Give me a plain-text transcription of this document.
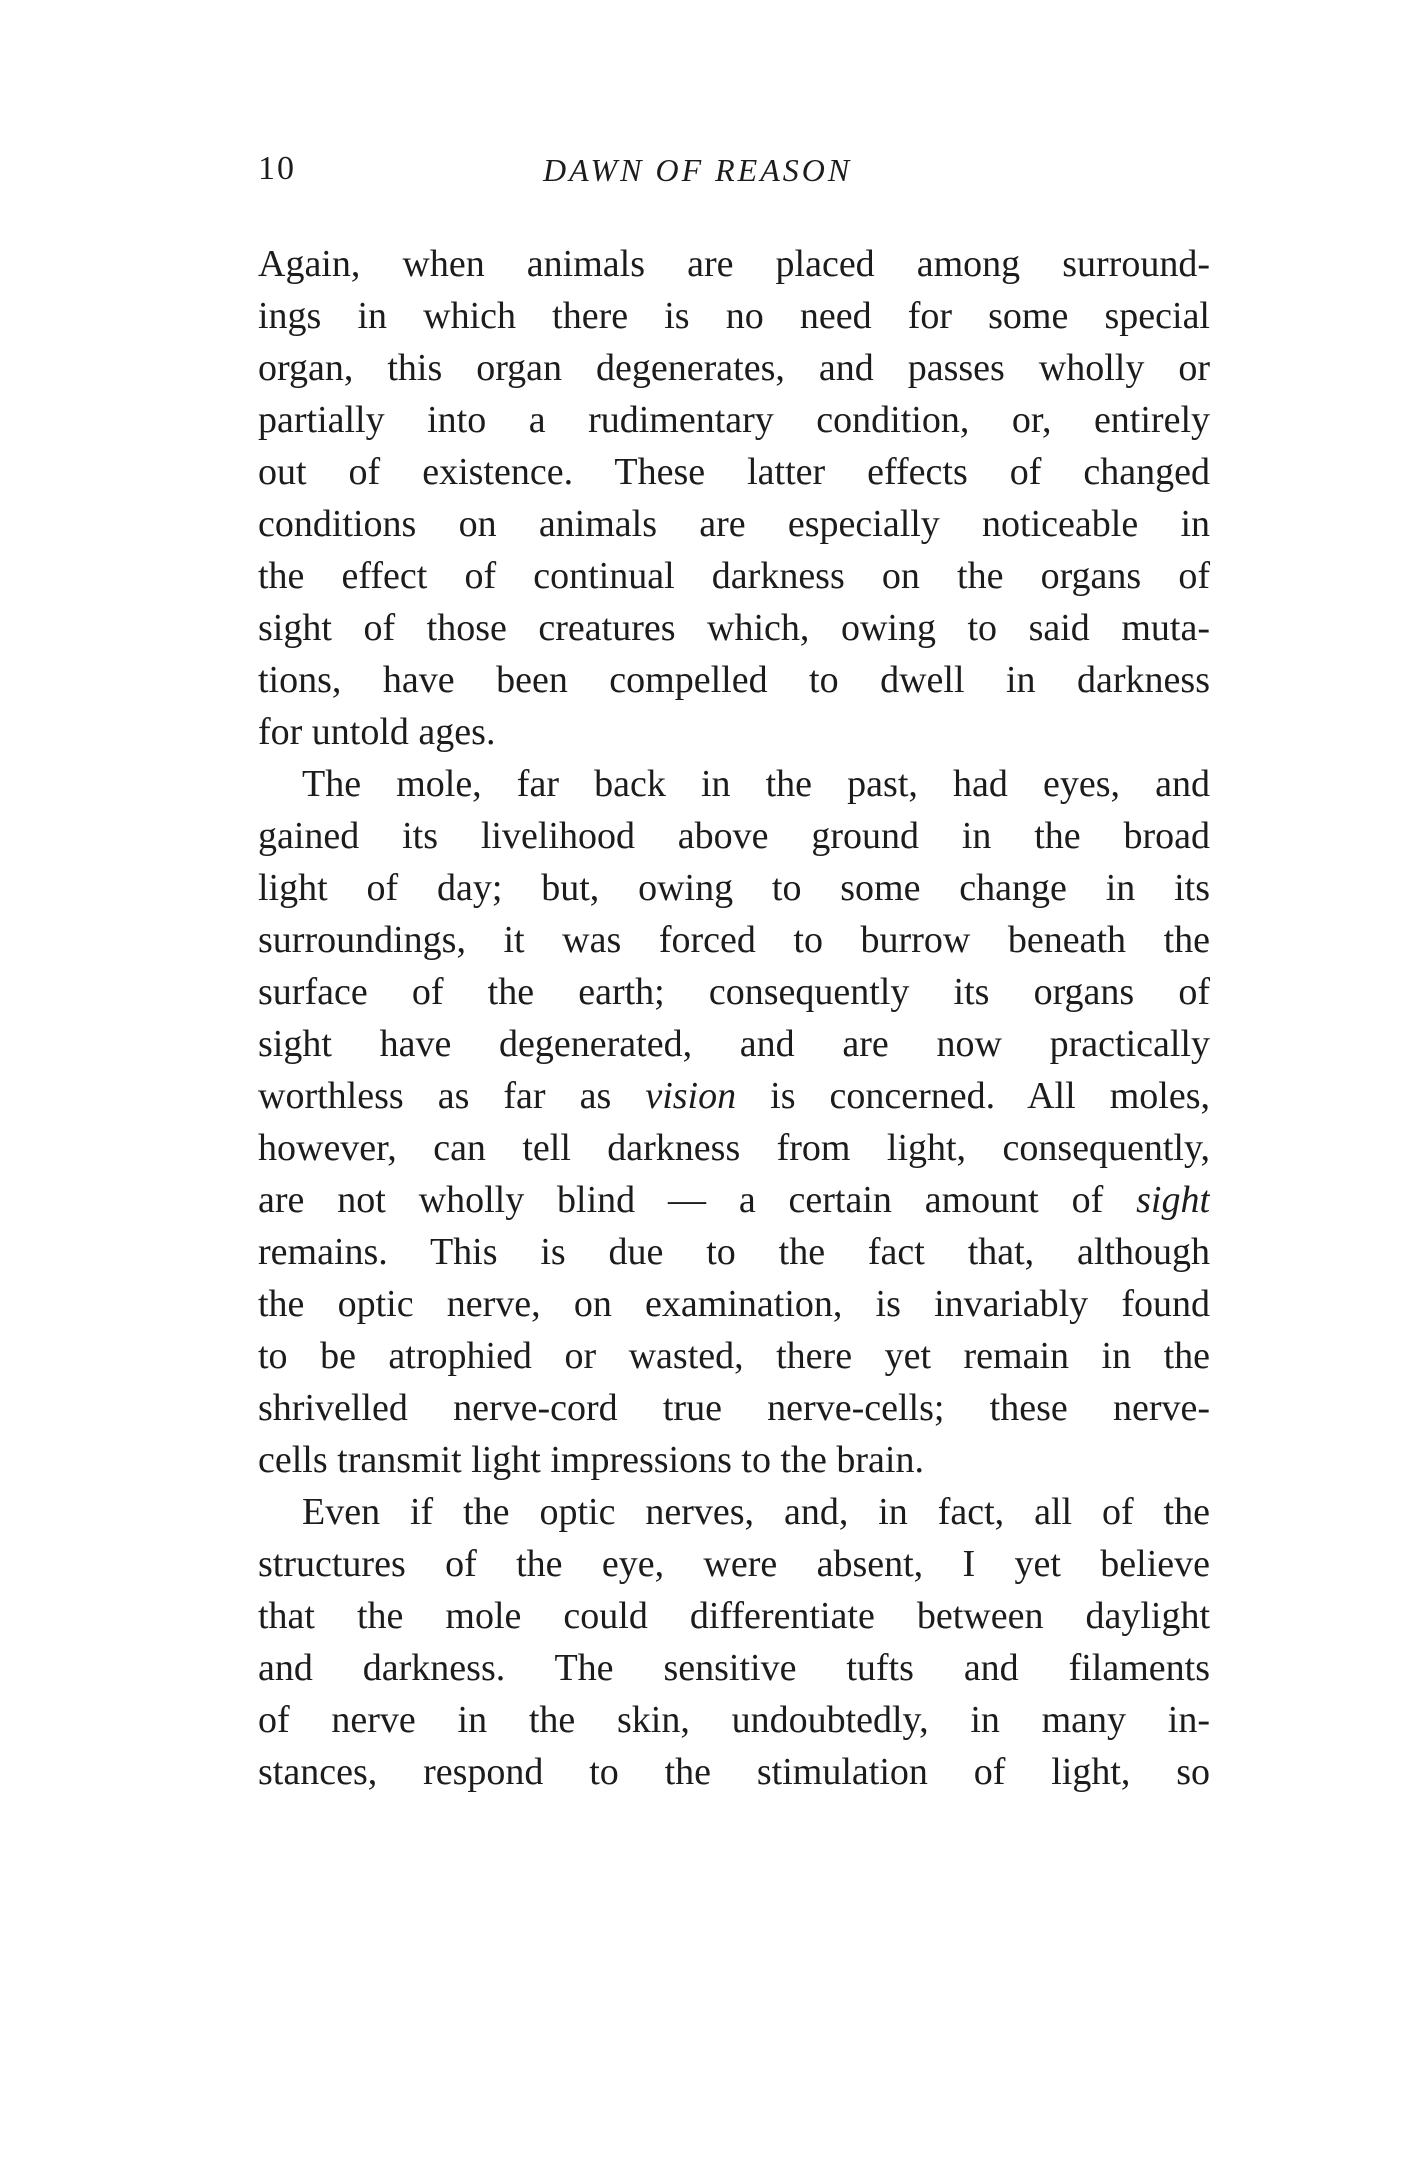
10	DAWN OF REASON
Again, when animals are placed among surround-
ings in which there is no need for some special
organ, this organ degenerates, and passes wholly or
partially into a rudimentary condition, or, entirely
out of existence. These latter effects of changed
conditions on animals are especially noticeable in
the effect of continual darkness on the organs of
sight of those creatures which, owing to said muta-
tions, have been compelled to dwell in darkness
for untold ages.
The mole, far back in the past, had eyes, and
gained its livelihood above ground in the broad
light of day; but, owing to some change in its
surroundings, it was forced to burrow beneath the
surface of the earth; consequently its organs of
sight have degenerated, and are now practically
worthless as far as vision is concerned. All moles,
however, can tell darkness from light, consequently,
are not wholly blind — a certain amount of sight
remains. This is due to the fact that, although
the optic nerve, on examination, is invariably found
to be atrophied or wasted, there yet remain in the
shrivelled nerve-cord true nerve-cells; these nerve-
cells transmit light impressions to the brain.
Even if the optic nerves, and, in fact, all of the
structures of the eye, were absent, I yet believe
that the mole could differentiate between daylight
and darkness. The sensitive tufts and filaments
of nerve in the skin, undoubtedly, in many in-
stances, respond to the stimulation of light, so
